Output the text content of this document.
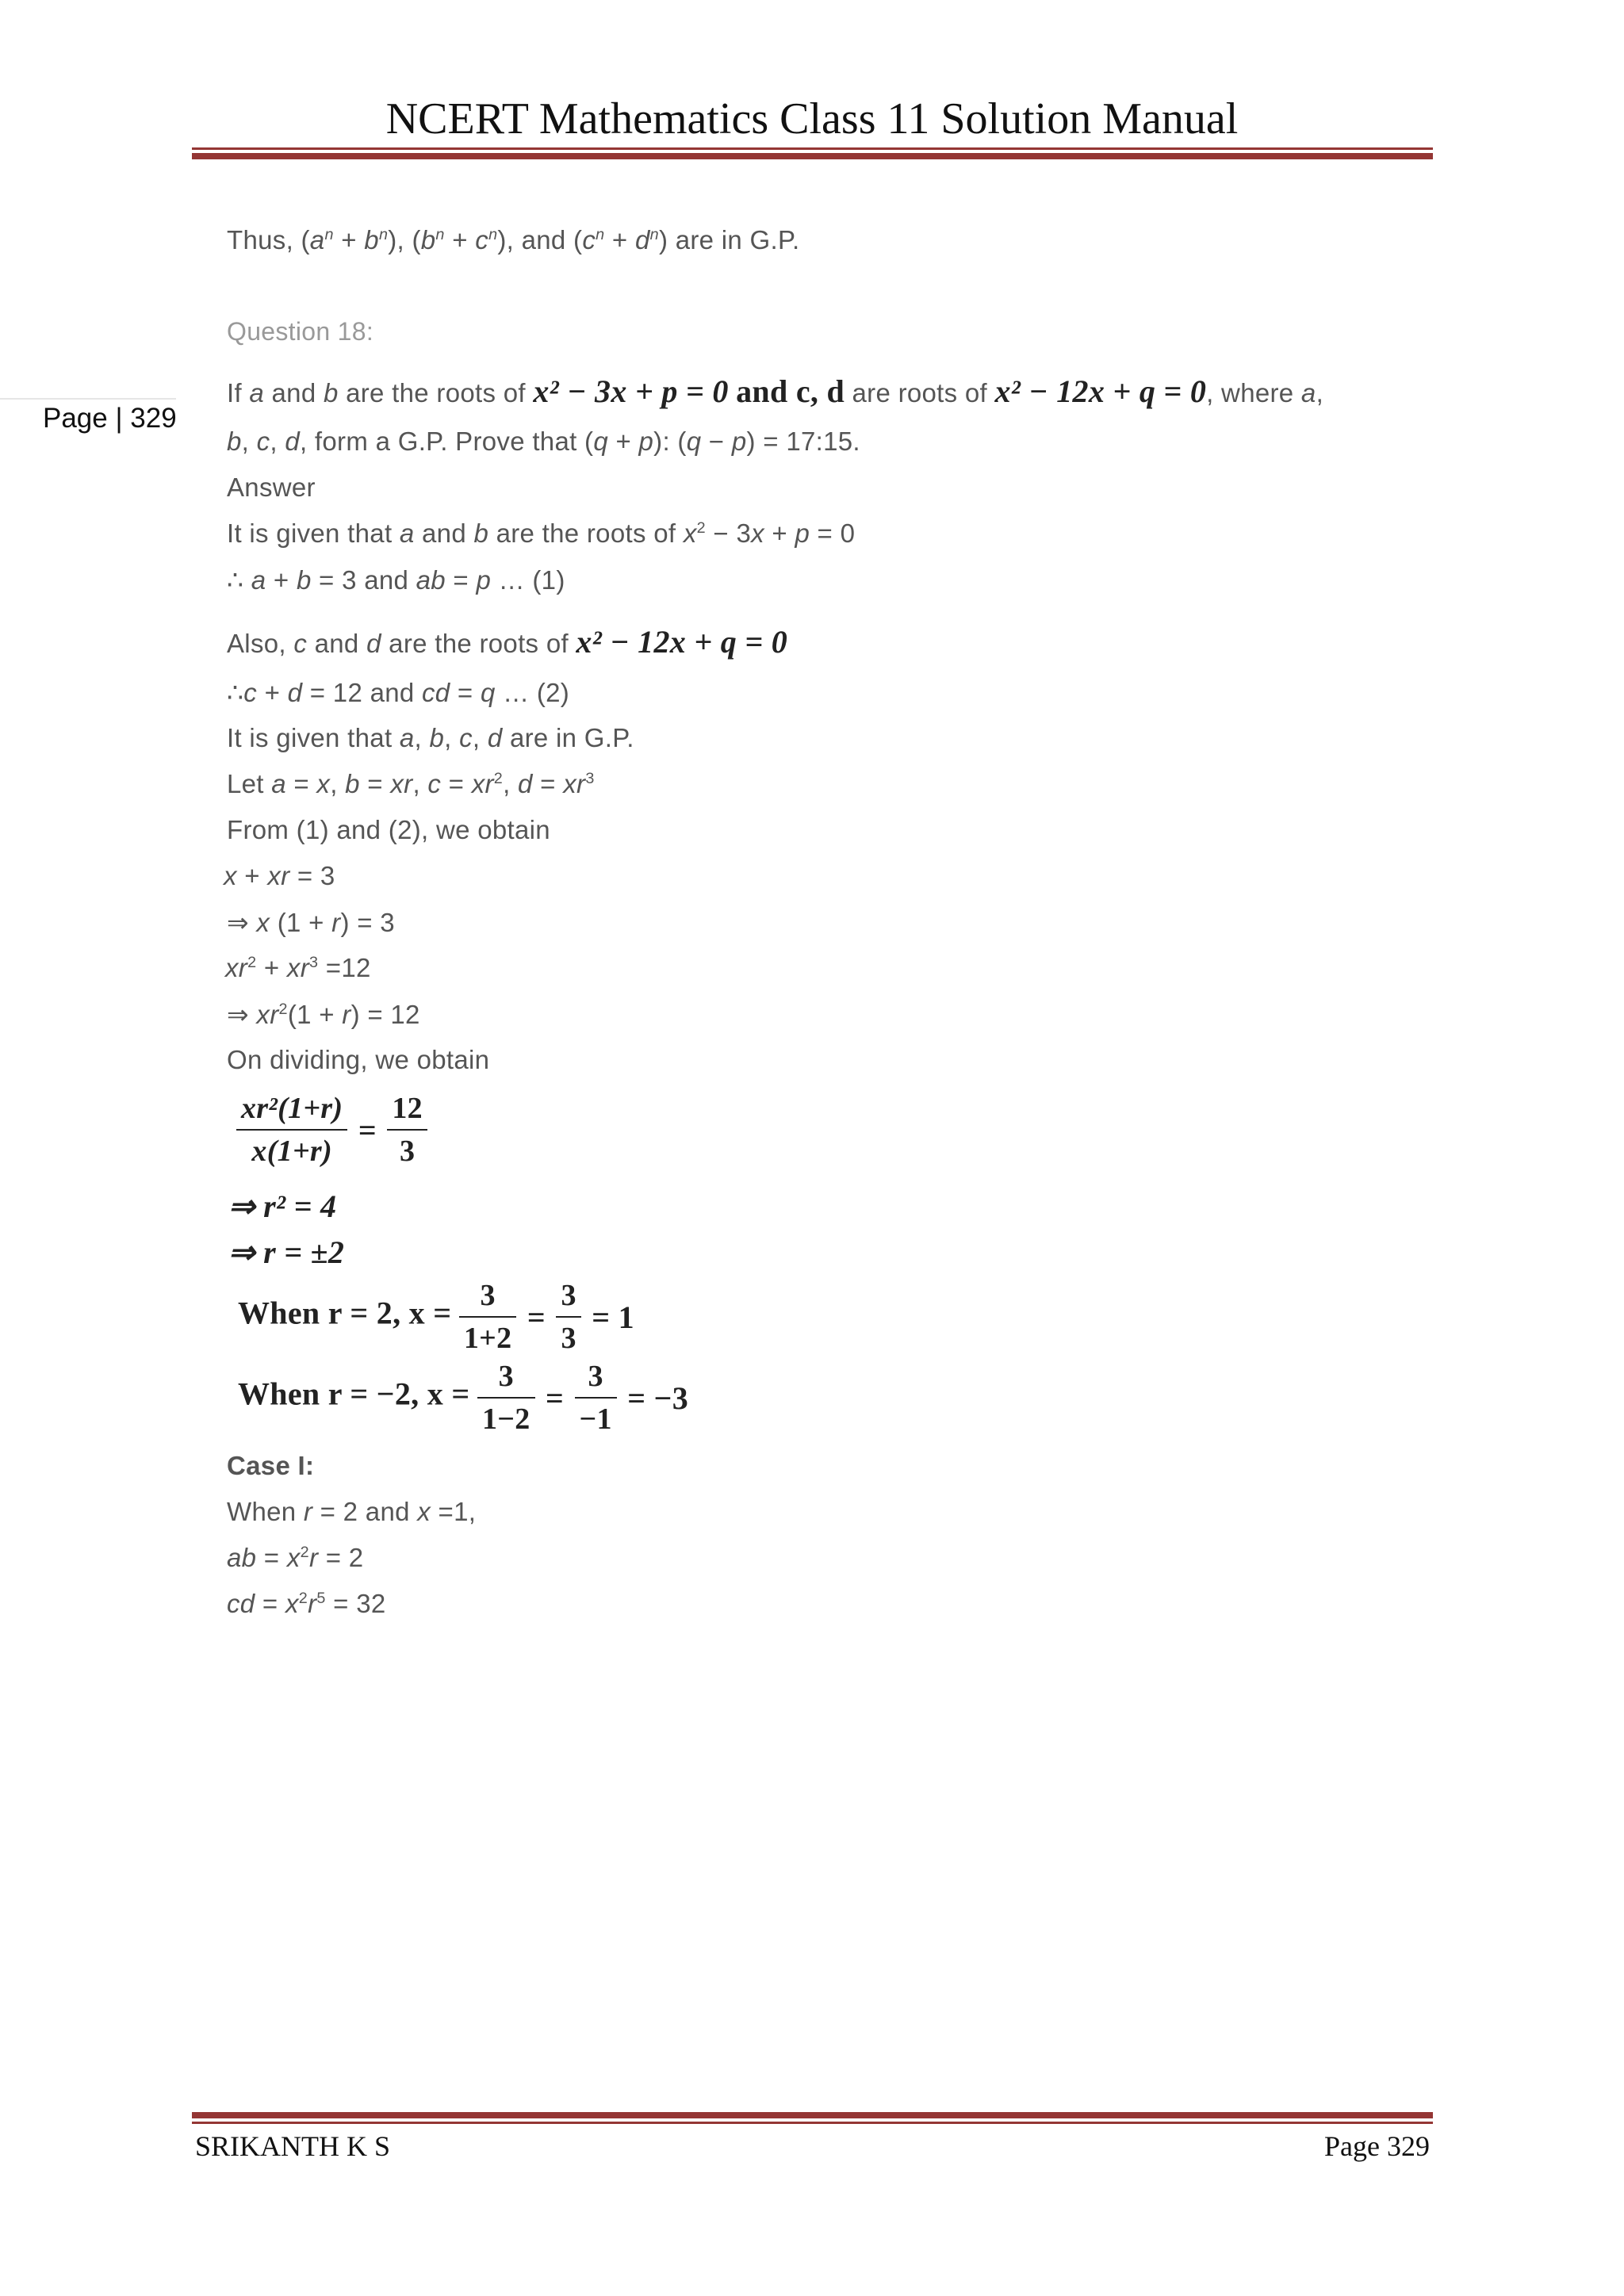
NCERT Mathematics Class 11 Solution Manual
Page | 329
Thus, $(a^n + b^n)$, $(b^n + c^n)$, and $(c^n + d^n)$ are in G.P.
Question 18:
If a and b are the roots of x² − 3x + p = 0 and c, d are roots of x² − 12x + q = 0, where a,
b, c, d, form a G.P. Prove that (q + p): (q − p) = 17:15.
Answer
It is given that a and b are the roots of $x^2 - 3x + p = 0$
∴ a + b = 3 and ab = p … (1)
Also, c and d are the roots of x² − 12x + q = 0
∴c + d = 12 and cd = q … (2)
It is given that a, b, c, d are in G.P.
Let a = x, b = xr, $c = xr^2$, $d = xr^3$
From (1) and (2), we obtain
x + xr = 3
⇒ x (1 + r) = 3
$xr^2 + xr^3 =12$
⇒ $xr^2(1 + r) = 12$
On dividing, we obtain
$\frac{\text{xr²(1+r)}}{x(1+r)} = \frac{12}{3}$
⇒ r² = 4
⇒ r = ±2
When r = 2, $x = \frac{3}{1+2} = \frac{3}{3} = 1$
When r = −2, $x = \frac{3}{1-2} = \frac{3}{-1} = -3$
Case I:
When r = 2 and x =1,
ab = $x^2r = 2$
cd = $x^2r^5 = 32$
SRIKANTH K S	Page 329
